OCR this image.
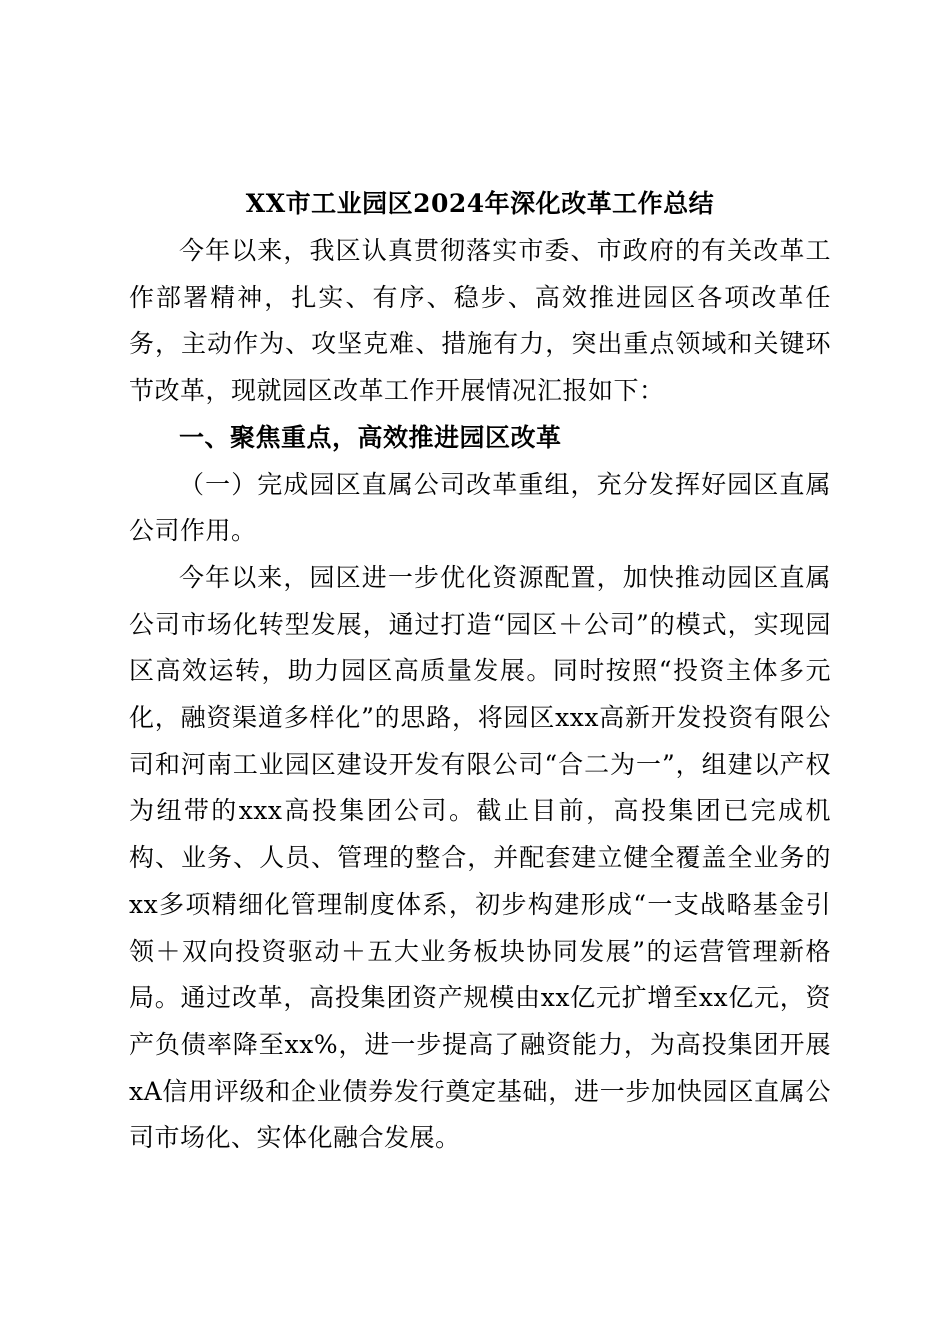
XX市工业园区2024年深化改革工作总结

今年以来，我区认真贯彻落实市委、市政府的有关改革工作部署精神，扎实、有序、稳步、高效推进园区各项改革任务，主动作为、攻坚克难、措施有力，突出重点领域和关键环节改革，现就园区改革工作开展情况汇报如下：

一、聚焦重点，高效推进园区改革

（一）完成园区直属公司改革重组，充分发挥好园区直属公司作用。

今年以来，园区进一步优化资源配置，加快推动园区直属公司市场化转型发展，通过打造“园区＋公司”的模式，实现园区高效运转，助力园区高质量发展。同时按照“投资主体多元化，融资渠道多样化”的思路，将园区xxx高新开发投资有限公司和河南工业园区建设开发有限公司“合二为一”，组建以产权为纽带的xxx高投集团公司。截止目前，高投集团已完成机构、业务、人员、管理的整合，并配套建立健全覆盖全业务的xx多项精细化管理制度体系，初步构建形成“一支战略基金引领＋双向投资驱动＋五大业务板块协同发展”的运营管理新格局。通过改革，高投集团资产规模由xx亿元扩增至xx亿元，资产负债率降至xx%，进一步提高了融资能力，为高投集团开展xA信用评级和企业债券发行奠定基础，进一步加快园区直属公司市场化、实体化融合发展。
